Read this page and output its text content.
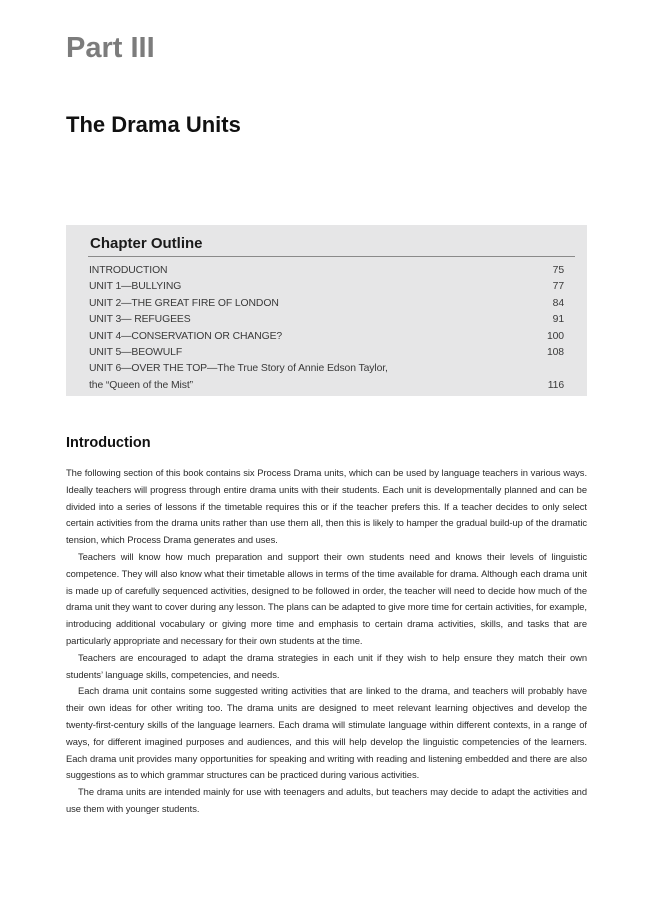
Part III
The Drama Units
Chapter Outline
INTRODUCTION	75
UNIT 1—BULLYING	77
UNIT 2—THE GREAT FIRE OF LONDON	84
UNIT 3— REFUGEES	91
UNIT 4—CONSERVATION OR CHANGE?	100
UNIT 5—BEOWULF	108
UNIT 6—OVER THE TOP—The True Story of Annie Edson Taylor, the “Queen of the Mist”	116
Introduction

The following section of this book contains six Process Drama units, which can be used by language teachers in various ways. Ideally teachers will progress through entire drama units with their students. Each unit is developmentally planned and can be divided into a series of lessons if the timetable requires this or if the teacher prefers this. If a teacher decides to only select certain activities from the drama units rather than use them all, then this is likely to hamper the gradual build-up of the dramatic tension, which Process Drama generates and uses.

Teachers will know how much preparation and support their own students need and knows their levels of linguistic competence. They will also know what their timetable allows in terms of the time available for drama. Although each drama unit is made up of carefully sequenced activities, designed to be followed in order, the teacher will need to decide how much of the drama unit they want to cover during any lesson. The plans can be adapted to give more time for certain activities, for example, introducing additional vocabulary or giving more time and emphasis to certain drama activities, skills, and tasks that are particularly appropriate and necessary for their own students at the time.

Teachers are encouraged to adapt the drama strategies in each unit if they wish to help ensure they match their own students’ language skills, competencies, and needs.

Each drama unit contains some suggested writing activities that are linked to the drama, and teachers will probably have their own ideas for other writing too. The drama units are designed to meet relevant learning objectives and develop the twenty-first-century skills of the language learners. Each drama will stimulate language within different contexts, in a range of ways, for different imagined purposes and audiences, and this will help develop the linguistic competencies of the learners. Each drama unit provides many opportunities for speaking and writing with reading and listening embedded and there are also suggestions as to which grammar structures can be practiced during various activities.

The drama units are intended mainly for use with teenagers and adults, but teachers may decide to adapt the activities and use them with younger students.
